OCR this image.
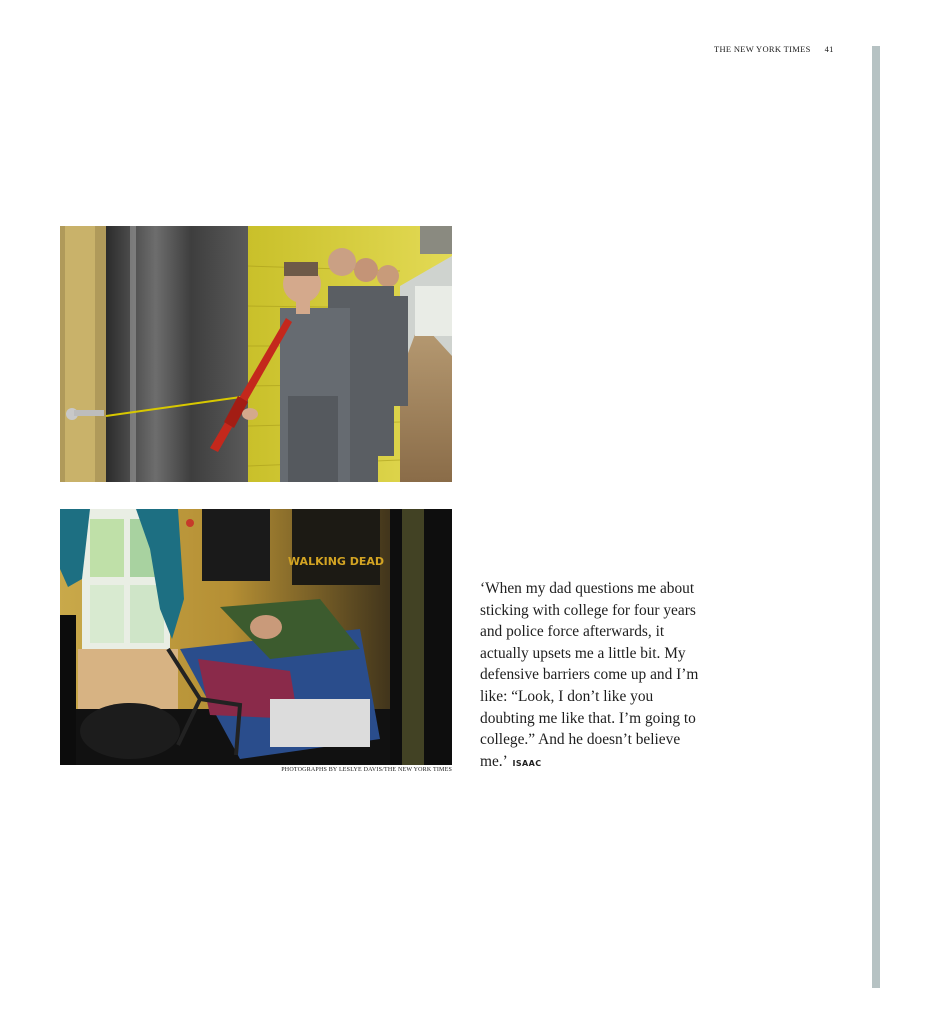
THE NEW YORK TIMES 41
WALKING DEAD
PHOTOGRAPHS BY LESLYE DAVIS/THE NEW YORK TIMES
‘When my dad questions me about sticking with college for four years and police force afterwards, it actually upsets me a little bit. My defensive barriers come up and I’m like: “Look, I don’t like you doubting me like that. I’m going to college.” And he doesn’t believe me.’ ISAAC
